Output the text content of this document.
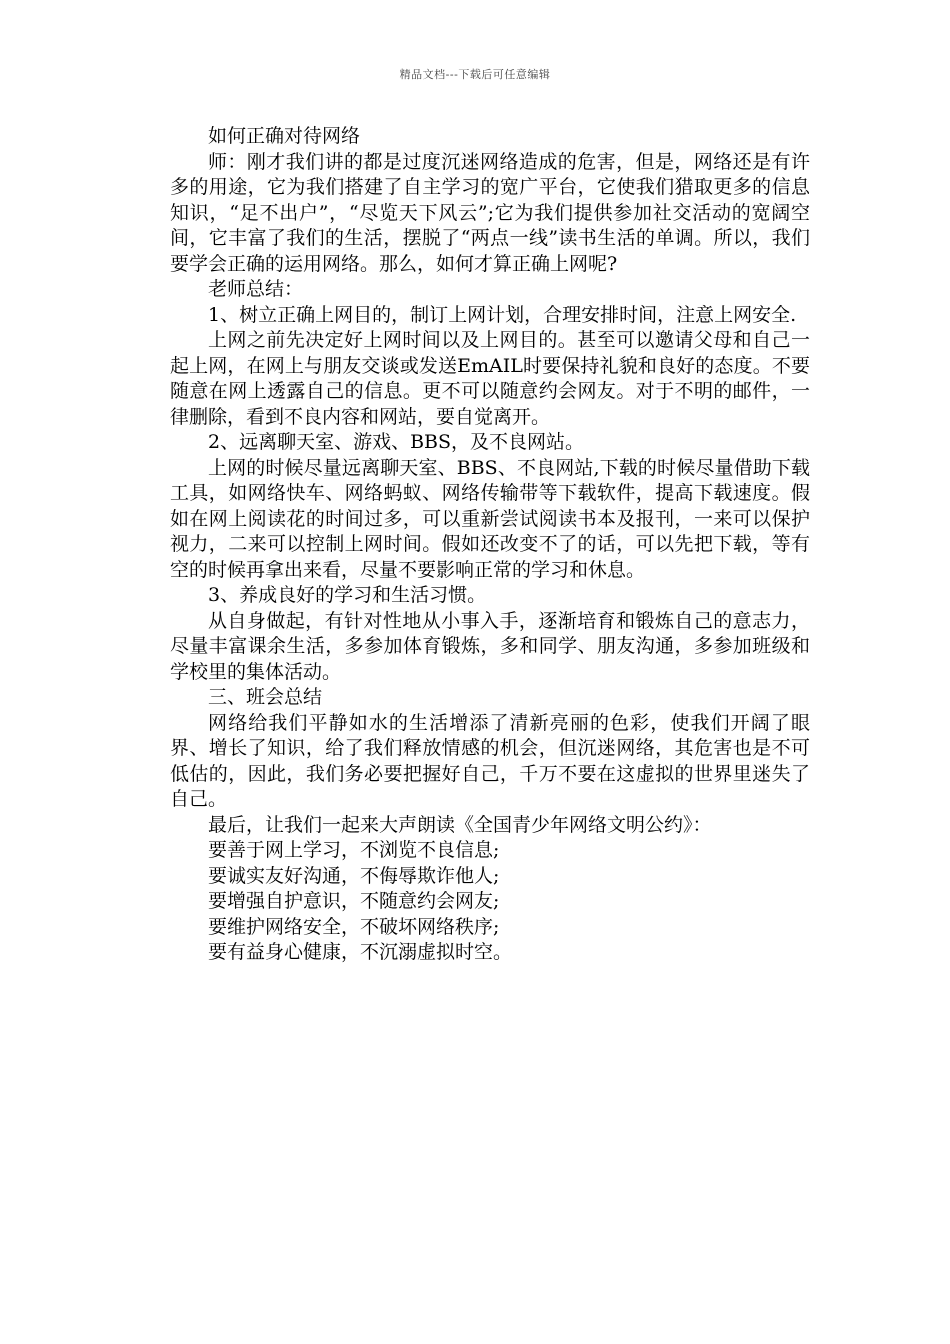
精品文档---下载后可任意编辑

如何正确对待网络

师：刚才我们讲的都是过度沉迷网络造成的危害，但是，网络还是有许多的用途，它为我们搭建了自主学习的宽广平台，它使我们猎取更多的信息知识，“足不出户”，“尽览天下风云”;它为我们提供参加社交活动的宽阔空间，它丰富了我们的生活，摆脱了“两点一线”读书生活的单调。所以，我们要学会正确的运用网络。那么，如何才算正确上网呢?

老师总结：

1、树立正确上网目的，制订上网计划，合理安排时间，注意上网安全.

上网之前先决定好上网时间以及上网目的。甚至可以邀请父母和自己一起上网，在网上与朋友交谈或发送EmAIL时要保持礼貌和良好的态度。不要随意在网上透露自己的信息。更不可以随意约会网友。对于不明的邮件，一律删除，看到不良内容和网站，要自觉离开。

2、远离聊天室、游戏、BBS，及不良网站。

上网的时候尽量远离聊天室、BBS、不良网站,下载的时候尽量借助下载工具，如网络快车、网络蚂蚁、网络传输带等下载软件，提高下载速度。假如在网上阅读花的时间过多，可以重新尝试阅读书本及报刊，一来可以保护视力，二来可以控制上网时间。假如还改变不了的话，可以先把下载，等有空的时候再拿出来看，尽量不要影响正常的学习和休息。

3、养成良好的学习和生活习惯。

从自身做起，有针对性地从小事入手，逐渐培育和锻炼自己的意志力，尽量丰富课余生活，多参加体育锻炼，多和同学、朋友沟通，多参加班级和学校里的集体活动。

三、班会总结

网络给我们平静如水的生活增添了清新亮丽的色彩，使我们开阔了眼界、增长了知识，给了我们释放情感的机会，但沉迷网络，其危害也是不可低估的，因此，我们务必要把握好自己，千万不要在这虚拟的世界里迷失了自己。

最后，让我们一起来大声朗读《全国青少年网络文明公约》：

要善于网上学习，不浏览不良信息;

要诚实友好沟通，不侮辱欺诈他人;

要增强自护意识，不随意约会网友;

要维护网络安全，不破坏网络秩序;

要有益身心健康，不沉溺虚拟时空。
